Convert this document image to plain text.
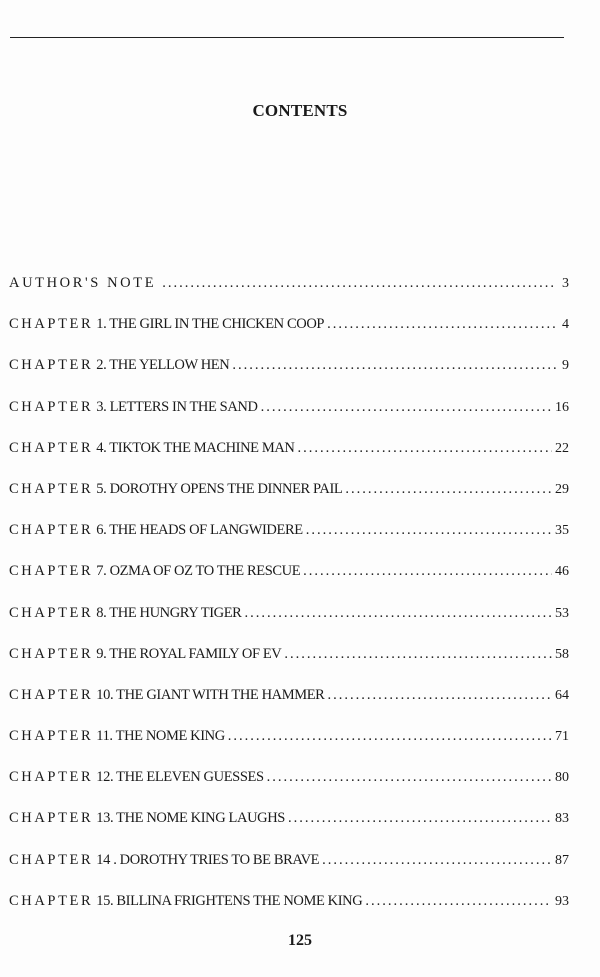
CONTENTS
AUTHOR'S NOTE .....	3
CHAPTER 1. THE GIRL IN THE CHICKEN COOP .....	4
CHAPTER 2. THE YELLOW HEN .....	9
CHAPTER 3. LETTERS IN THE SAND .....	16
CHAPTER 4. TIKTOK THE MACHINE MAN .....	22
CHAPTER 5. DOROTHY OPENS THE DINNER PAIL .....	29
CHAPTER 6. THE HEADS OF LANGWIDERE .....	35
CHAPTER 7. OZMA OF OZ TO THE RESCUE .....	46
CHAPTER 8. THE HUNGRY TIGER .....	53
CHAPTER 9. THE ROYAL FAMILY OF EV .....	58
CHAPTER 10. THE GIANT WITH THE HAMMER .....	64
CHAPTER 11. THE NOME KING .....	71
CHAPTER 12. THE ELEVEN GUESSES .....	80
CHAPTER 13. THE NOME KING LAUGHS .....	83
CHAPTER 14 . DOROTHY TRIES TO BE BRAVE .....	87
CHAPTER 15. BILLINA FRIGHTENS THE NOME KING .....	93
125
